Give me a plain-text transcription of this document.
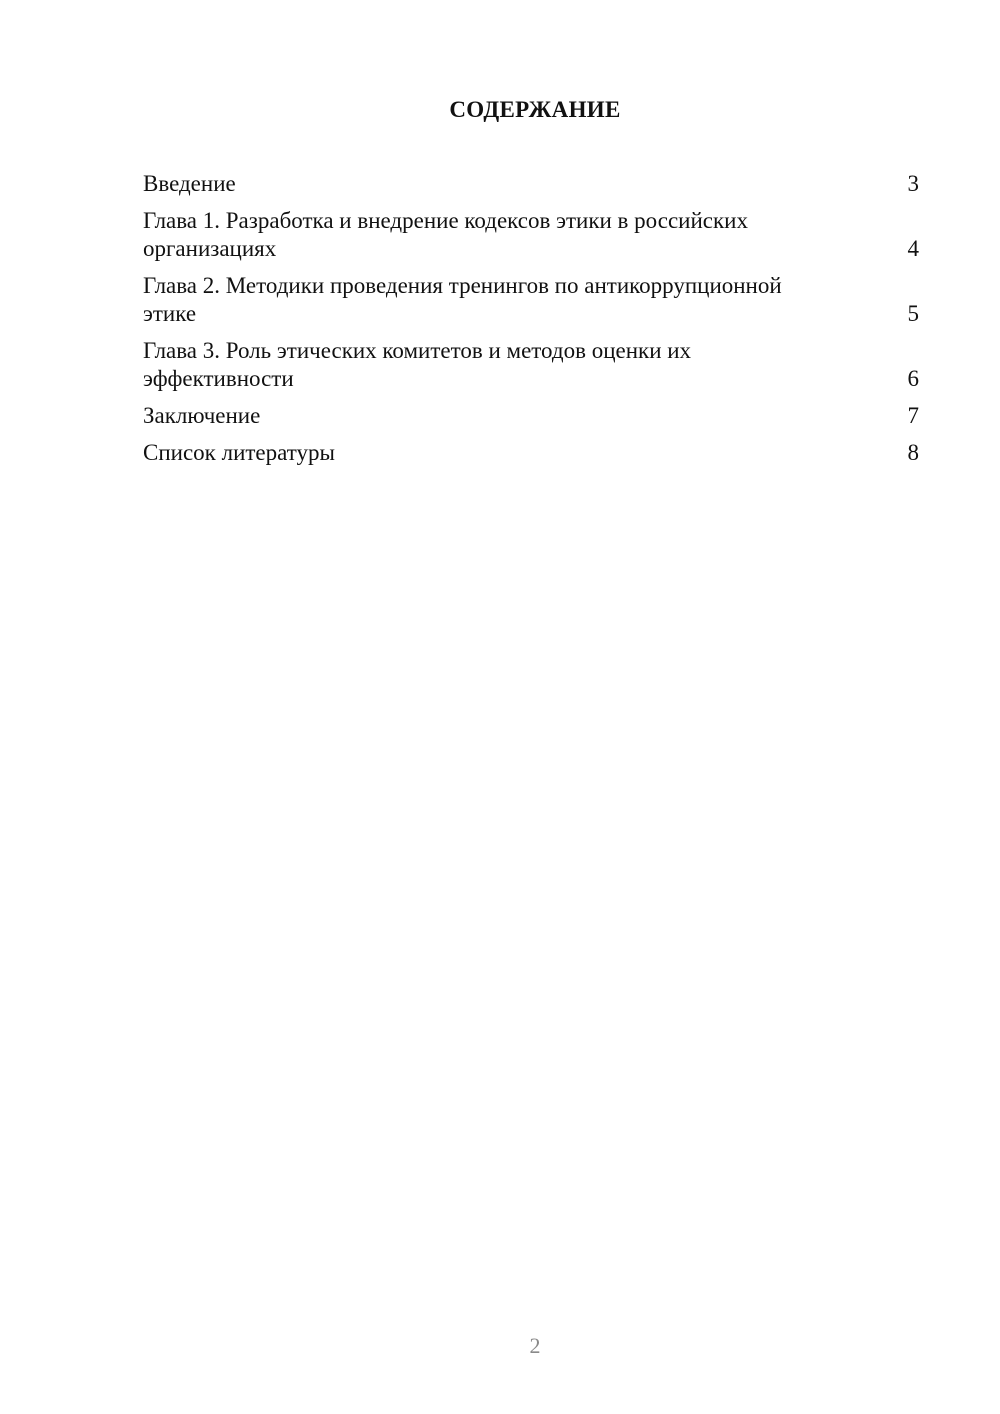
СОДЕРЖАНИЕ
Введение	3
Глава 1. Разработка и внедрение кодексов этики в российских организациях	4
Глава 2. Методики проведения тренингов по антикоррупционной этике	5
Глава 3. Роль этических комитетов и методов оценки их эффективности	6
Заключение	7
Список литературы	8
2
